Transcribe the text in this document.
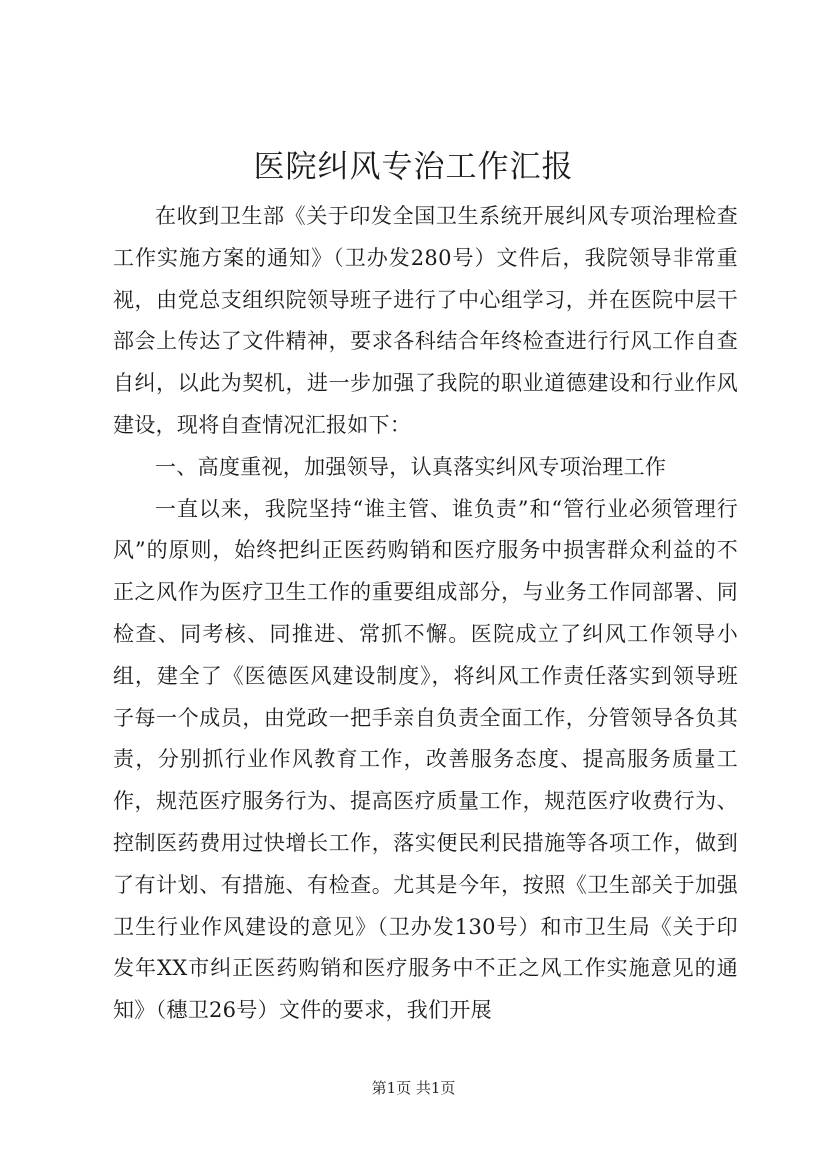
医院纠风专治工作汇报

在收到卫生部《关于印发全国卫生系统开展纠风专项治理检查工作实施方案的通知》（卫办发280号）文件后，我院领导非常重视，由党总支组织院领导班子进行了中心组学习，并在医院中层干部会上传达了文件精神，要求各科结合年终检查进行行风工作自查自纠，以此为契机，进一步加强了我院的职业道德建设和行业作风建设，现将自查情况汇报如下：

一、高度重视，加强领导，认真落实纠风专项治理工作

一直以来，我院坚持“谁主管、谁负责”和“管行业必须管理行风”的原则，始终把纠正医药购销和医疗服务中损害群众利益的不正之风作为医疗卫生工作的重要组成部分，与业务工作同部署、同检查、同考核、同推进、常抓不懈。医院成立了纠风工作领导小组，建全了《医德医风建设制度》，将纠风工作责任落实到领导班子每一个成员，由党政一把手亲自负责全面工作，分管领导各负其责，分别抓行业作风教育工作，改善服务态度、提高服务质量工作，规范医疗服务行为、提高医疗质量工作，规范医疗收费行为、控制医药费用过快增长工作，落实便民利民措施等各项工作，做到了有计划、有措施、有检查。尤其是今年，按照《卫生部关于加强卫生行业作风建设的意见》（卫办发130号）和市卫生局《关于印发年XX市纠正医药购销和医疗服务中不正之风工作实施意见的通知》（穗卫26号）文件的要求，我们开展

第1页 共1页
